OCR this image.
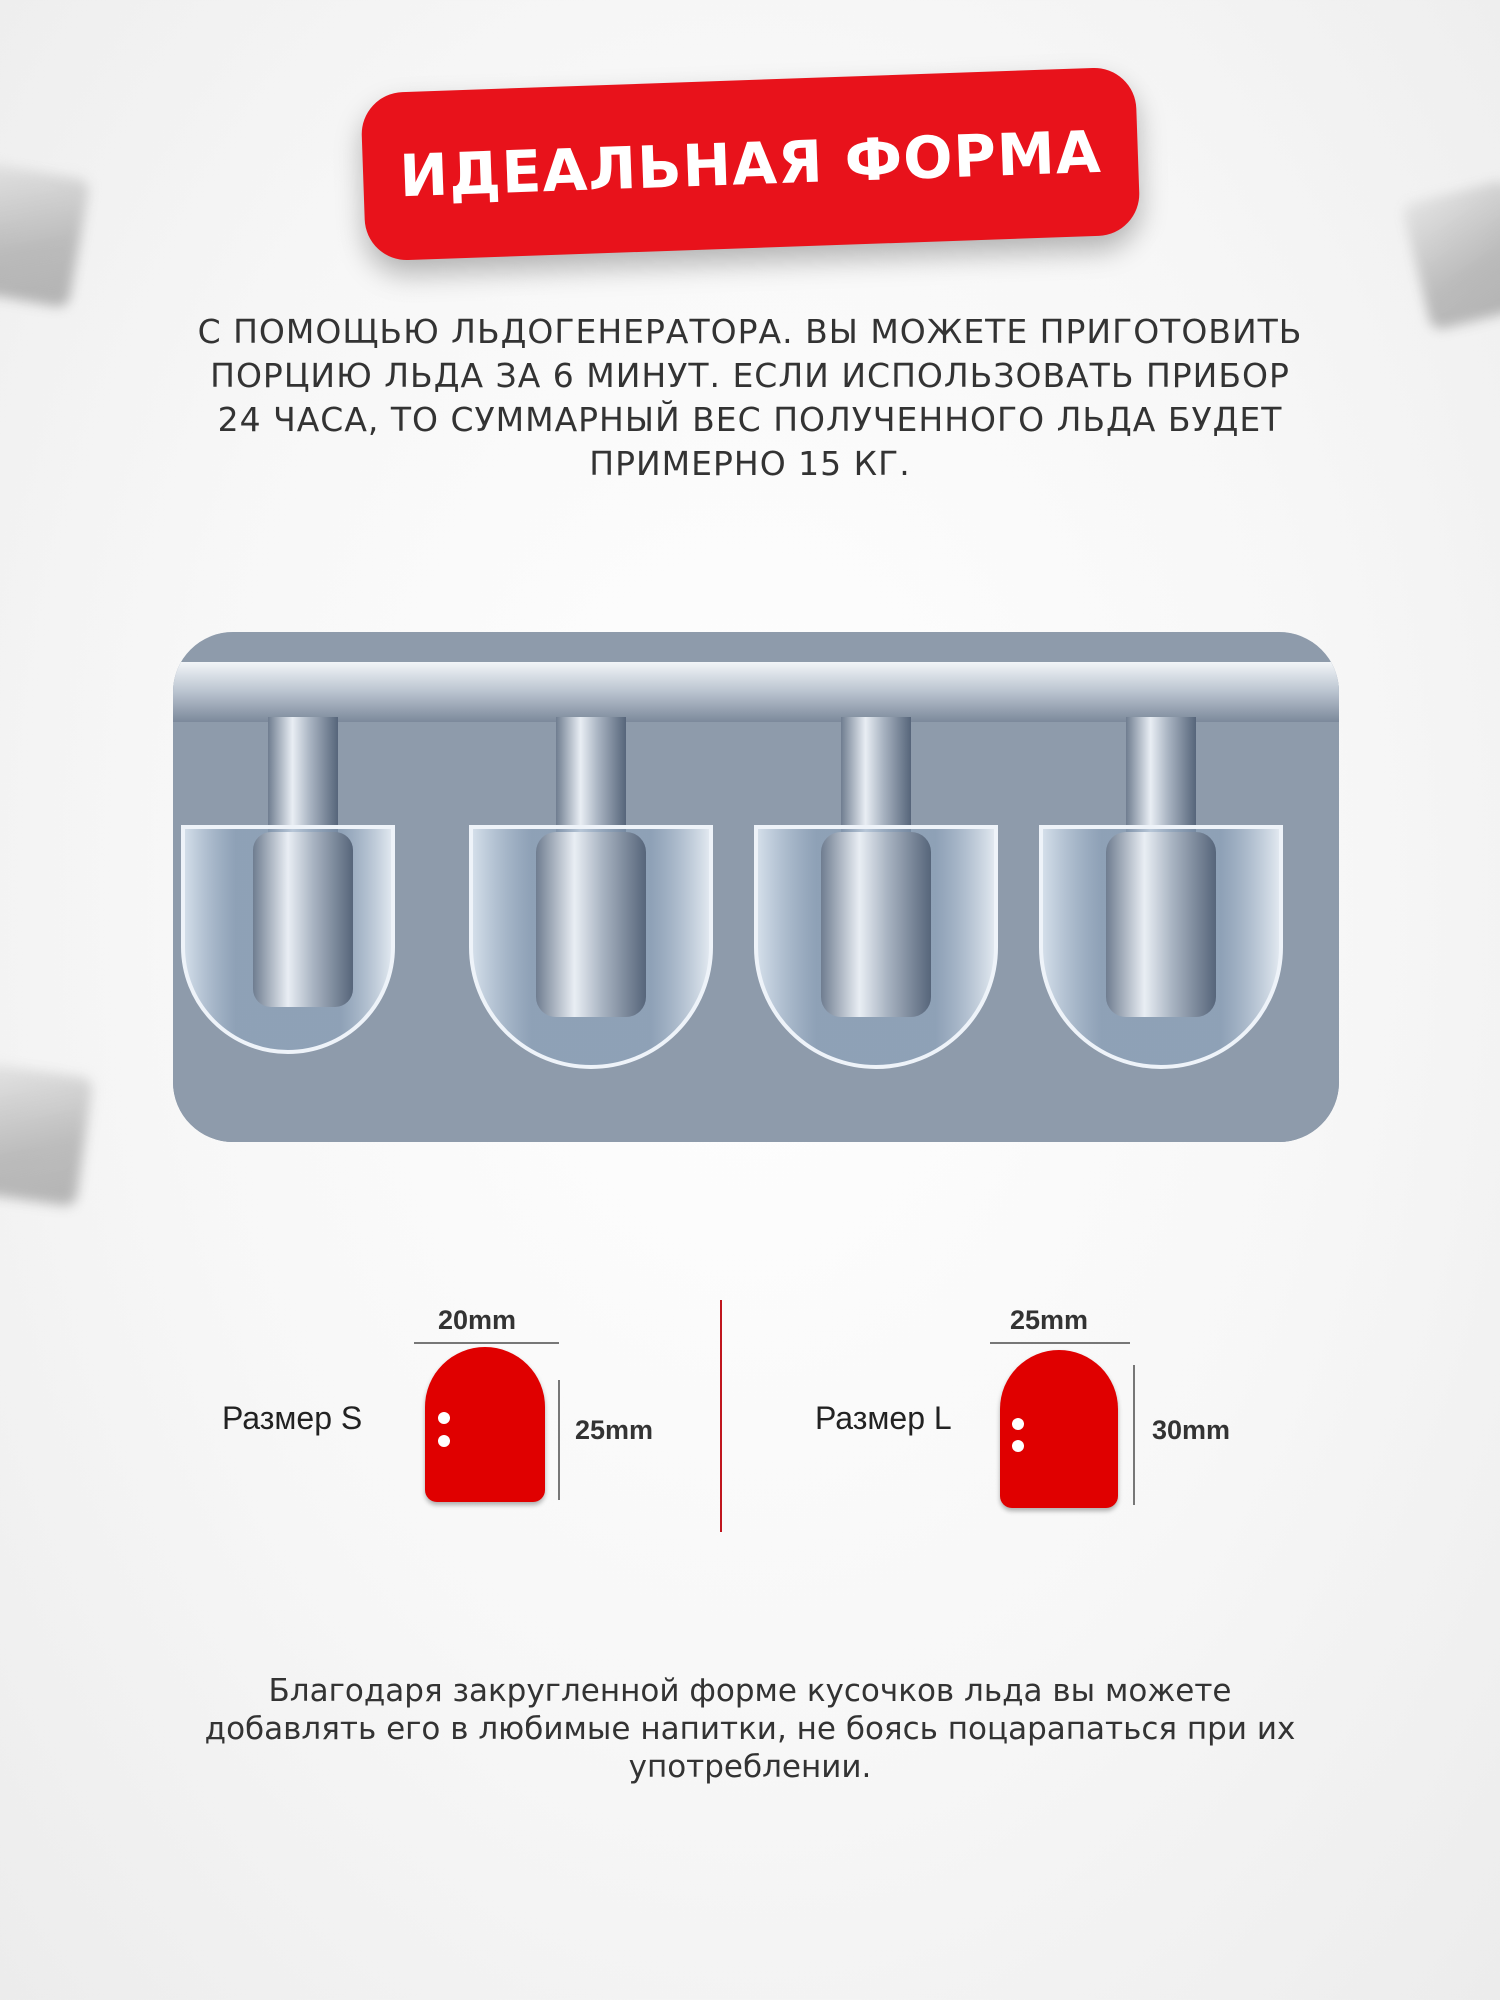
ИДЕАЛЬНАЯ ФОРМА
С ПОМОЩЬЮ ЛЬДОГЕНЕРАТОРА. ВЫ МОЖЕТЕ ПРИГОТОВИТЬ ПОРЦИЮ ЛЬДА ЗА 6 МИНУТ. ЕСЛИ ИСПОЛЬЗОВАТЬ ПРИБОР 24 ЧАСА, ТО СУММАРНЫЙ ВЕС ПОЛУЧЕННОГО ЛЬДА БУДЕТ ПРИМЕРНО 15 КГ.
Размер S
20mm
25mm	Размер L
25mm
30mm
Благодаря закругленной форме кусочков льда вы можете добавлять его в любимые напитки, не боясь поцарапаться при их употреблении.
